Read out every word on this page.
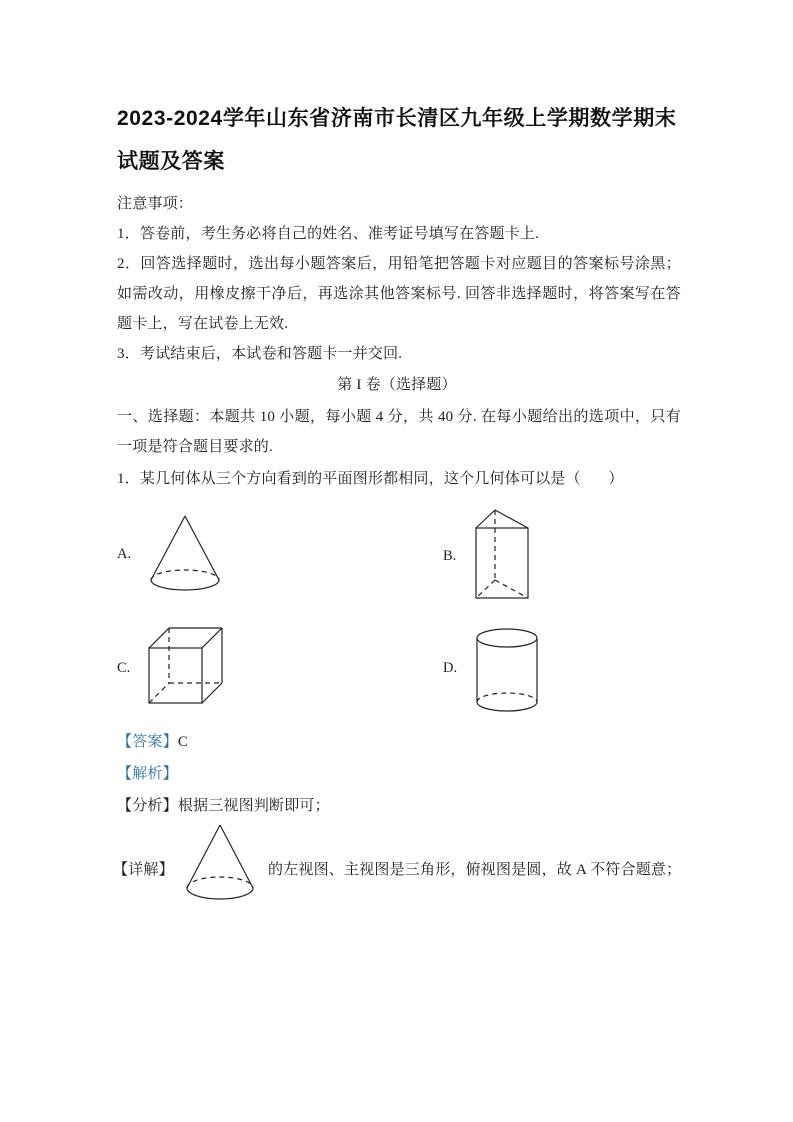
2023-2024学年山东省济南市长清区九年级上学期数学期末
试题及答案
注意事项：
1．答卷前，考生务必将自己的姓名、准考证号填写在答题卡上.
2．回答选择题时，选出每小题答案后，用铅笔把答题卡对应题目的答案标号涂黑；如需改动，用橡皮擦干净后，再选涂其他答案标号. 回答非选择题时，将答案写在答题卡上，写在试卷上无效.
3．考试结束后，本试卷和答题卡一并交回.
第 I 卷（选择题）
一、选择题：本题共 10 小题，每小题 4 分，共 40 分. 在每小题给出的选项中，只有一项是符合题目要求的.
1．某几何体从三个方向看到的平面图形都相同，这个几何体可以是（       ）
A.	B.
C.	D.
【答案】C
【解析】
【分析】根据三视图判断即可；
【详解】	的左视图、主视图是三角形，俯视图是圆，故 A 不符合题意；
